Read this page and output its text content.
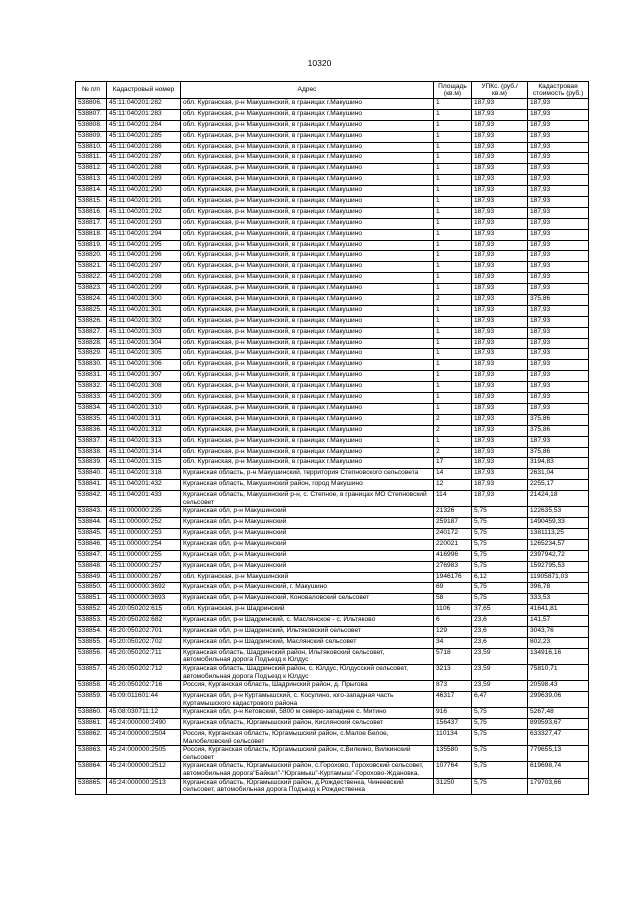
10320
№ п/п	Кадастровый номер	Адрес	Площадь (кв.м)	УПКс. (руб./кв.м)	Кадастровая стоимость (руб.)
538806.	45:11:040201:282	обл. Курганская, р-н Макушинский, в границах г.Макушино	1	187,93	187,93
538807.	45:11:040201:283	обл. Курганская, р-н Макушинский, в границах г.Макушино	1	187,93	187,93
538808.	45:11:040201:284	обл. Курганская, р-н Макушинский, в границах г.Макушино	1	187,93	187,93
538809.	45:11:040201:285	обл. Курганская, р-н Макушинский, в границах г.Макушино	1	187,93	187,93
538810.	45:11:040201:286	обл. Курганская, р-н Макушинский, в границах г.Макушино	1	187,93	187,93
538811.	45:11:040201:287	обл. Курганская, р-н Макушинский, в границах г.Макушино	1	187,93	187,93
538812.	45:11:040201:288	обл. Курганская, р-н Макушинский, в границах г.Макушино	1	187,93	187,93
538813.	45:11:040201:289	обл. Курганская, р-н Макушинский, в границах г.Макушино	1	187,93	187,93
538814.	45:11:040201:290	обл. Курганская, р-н Макушинский, в границах г.Макушино	1	187,93	187,93
538815.	45:11:040201:291	обл. Курганская, р-н Макушинский, в границах г.Макушино	1	187,93	187,93
538816.	45:11:040201:292	обл. Курганская, р-н Макушинский, в границах г.Макушино	1	187,93	187,93
538817.	45:11:040201:293	обл. Курганская, р-н Макушинский, в границах г.Макушино	1	187,93	187,93
538818.	45:11:040201:294	обл. Курганская, р-н Макушинский, в границах г.Макушино	1	187,93	187,93
538819.	45:11:040201:295	обл. Курганская, р-н Макушинский, в границах г.Макушино	1	187,93	187,93
538820.	45:11:040201:296	обл. Курганская, р-н Макушинский, в границах г.Макушино	1	187,93	187,93
538821.	45:11:040201:297	обл. Курганская, р-н Макушинский, в границах г.Макушино	1	187,93	187,93
538822.	45:11:040201:298	обл. Курганская, р-н Макушинский, в границах г.Макушино	1	187,93	187,93
538823.	45:11:040201:299	обл. Курганская, р-н Макушинский, в границах г.Макушино	1	187,93	187,93
538824.	45:11:040201:300	обл. Курганская, р-н Макушинский, в границах г.Макушино	2	187,93	375,86
538825.	45:11:040201:301	обл. Курганская, р-н Макушинский, в границах г.Макушино	1	187,93	187,93
538826.	45:11:040201:302	обл. Курганская, р-н Макушинский, в границах г.Макушино	1	187,93	187,93
538827.	45:11:040201:303	обл. Курганская, р-н Макушинский, в границах г.Макушино	1	187,93	187,93
538828.	45:11:040201:304	обл. Курганская, р-н Макушинский, в границах г.Макушино	1	187,93	187,93
538829.	45:11:040201:305	обл. Курганская, р-н Макушинский, в границах г.Макушино	1	187,93	187,93
538830.	45:11:040201:306	обл. Курганская, р-н Макушинский, в границах г.Макушино	1	187,93	187,93
538831.	45:11:040201:307	обл. Курганская, р-н Макушинский, в границах г.Макушино	1	187,93	187,93
538832.	45:11:040201:308	обл. Курганская, р-н Макушинский, в границах г.Макушино	1	187,93	187,93
538833.	45:11:040201:309	обл. Курганская, р-н Макушинский, в границах г.Макушино	1	187,93	187,93
538834.	45:11:040201:310	обл. Курганская, р-н Макушинский, в границах г.Макушино	1	187,93	187,93
538835.	45:11:040201:311	обл. Курганская, р-н Макушинский, в границах г.Макушино	2	187,93	375,86
538836.	45:11:040201:312	обл. Курганская, р-н Макушинский, в границах г.Макушино	2	187,93	375,86
538837.	45:11:040201:313	обл. Курганская, р-н Макушинский, в границах г.Макушино	1	187,93	187,93
538838.	45:11:040201:314	обл. Курганская, р-н Макушинский, в границах г.Макушино	2	187,93	375,86
538839.	45:11:040201:315	обл. Курганская, р-н Макушинский, в границах г.Макушино	17	187,93	3194,83
538840.	45:11:040201:318	Курганская область, р-н Макушинский, территория Степновского сельсовета	14	187,93	2631,04
538841.	45:11:040201:432	Курганская область, Макушинский район, город Макушино	12	187,93	2255,17
538842.	45:11:040201:433	Курганская область, Макушинский р-н, с. Степное, в границах МО Степновский сельсовет	114	187,93	21424,18
538843.	45:11:000000:235	Курганская обл, р-н Макушинский	21326	5,75	122635,53
538844.	45:11:000000:252	Курганская обл, р-н Макушинский	259187	5,75	1490459,33
538845.	45:11:000000:253	Курганская обл, р-н Макушинский	240172	5,75	1381113,25
538846.	45:11:000000:254	Курганская обл, р-н Макушинский	220021	5,75	1265234,57
538847.	45:11:000000:255	Курганская обл, р-н Макушинский	416996	5,75	2397942,72
538848.	45:11:000000:257	Курганская обл, р-н Макушинский	276983	5,75	1592795,53
538849.	45:11:000000:267	обл. Курганская, р-н Макушинский	1946176	6,12	11905871,03
538850.	45:11:000000:3692	Курганская обл, р-н Макушинский, г. Макушино	69	5,75	396,78
538851.	45:11:000000:3693	Курганская обл, р-н Макушинский, Коноваловский сельсовет	58	5,75	333,53
538852.	45:20:050202:615	обл. Курганская, р-н Шадринский	1106	37,65	41641,81
538853.	45:20:050202:682	Курганская обл, р-н Шадринский, с. Маслянское - с. Ильтяково	6	23,6	141,57
538854.	45:20:050202:701	Курганская обл, р-н Шадринский, Ильтяковский сельсовет	129	23,6	3043,76
538855.	45:20:050202:702	Курганская обл, р-н Шадринский, Маслянский сельсовет	34	23,6	802,23
538856.	45:20:050202:711	Курганская область, Шадринский район, Ильтяковский сельсовет, автомобильная дорога Подъезд к Юлдус	5718	23,59	134916,16
538857.	45:20:050202:712	Курганская область, Шадринский район, с. Юлдус, Юлдусский сельсовет, автомобильная дорога Подъезд к Юлдус	3213	23,59	75810,71
538858.	45:20:050202:716	Россия, Курганская область, Шадринский район, д. Прыгова	873	23,59	20598,43
538859.	45:09:011601:44	Курганская обл, р-н Куртамышский, с. Косулино, юго-западная часть Куртамышского кадастрового района	46317	6,47	299639,06
538860.	45:08:030711:12	Курганская обл, р-н Кетовский, 5800 м северо-западнее с. Митино	916	5,75	5267,48
538861.	45:24:000000:2490	Курганская область, Юргамышский район, Кислянский сельсовет	156437	5,75	899593,67
538862.	45:24:000000:2504	Россия, Курганская область, Юргамышский район, с.Малое Белое, Малобеловский сельсовет	110134	5,75	633327,47
538863.	45:24:000000:2505	Россия, Курганская область, Юргамышский район, с.Вилкино, Вилкинский сельсовет	135580	5,75	779655,13
538864.	45:24:000000:2512	Курганская область, Юргамышский район, с.Горохово, Гороховский сельсовет, автомобильная дорога"Байкал"-"Юргамыш"-Куртамыш"-Горохово-Ждановка.	107764	5,75	619698,74
538865.	45:24:000000:2513	Курганская область, Юргамышский район, д.Рождественка, Чинеевский сельсовет, автомобильная дорога Подъезд к Рождественка	31250	5,75	179703,66
